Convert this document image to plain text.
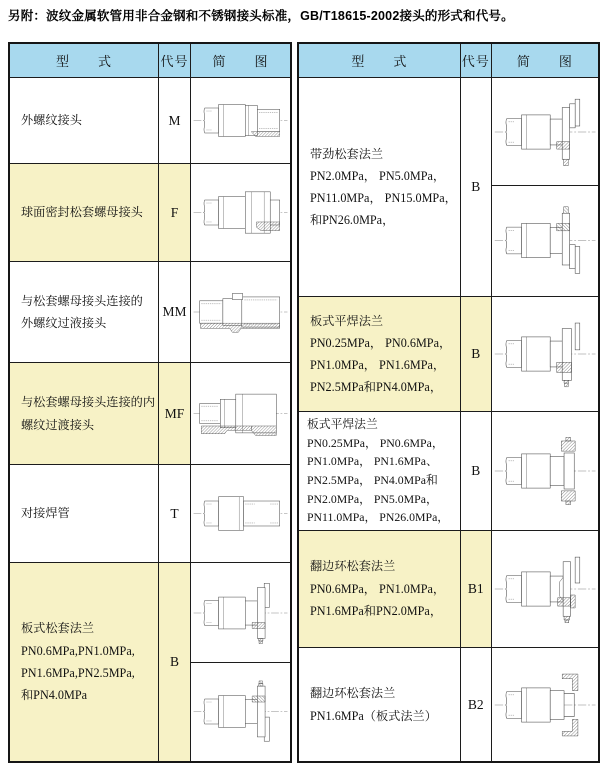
另附：波纹金属软管用非合金钢和不锈钢接头标准，GB/T18615-2002接头的形式和代号。
型　　式	代号	简　　图

外螺纹接头	M	

球面密封松套螺母接头	F	

与松套螺母接头连接的
外螺纹过液接头	MM	

与松套螺母接头连接的内
螺纹过渡接头	MF	

对接焊管	T	

板式松套法兰
PN0.6MPa,PN1.0MPa,
PN1.6MPa,PN2.5MPa,
和PN4.0MPa	B	
型　　式	代号	简　　图

带劲松套法兰
PN2.0MPa， PN5.0MPa，
PN11.0MPa， PN15.0MPa，
和PN26.0MPa，	B	

板式平焊法兰
PN0.25MPa， PN0.6MPa，
PN1.0MPa， PN1.6MPa，
PN2.5MPa和PN4.0MPa，	B	

板式平焊法兰
PN0.25MPa， PN0.6MPa，
PN1.0MPa， PN1.6MPa、
PN2.5MPa， PN4.0MPa和
PN2.0MPa， PN5.0MPa，
PN11.0MPa， PN26.0MPa，
	B	

翻边环松套法兰
PN0.6MPa， PN1.0MPa，
PN1.6MPa和PN2.0MPa，	B1	

翻边环松套法兰
PN1.6MPa（板式法兰）	B2	
